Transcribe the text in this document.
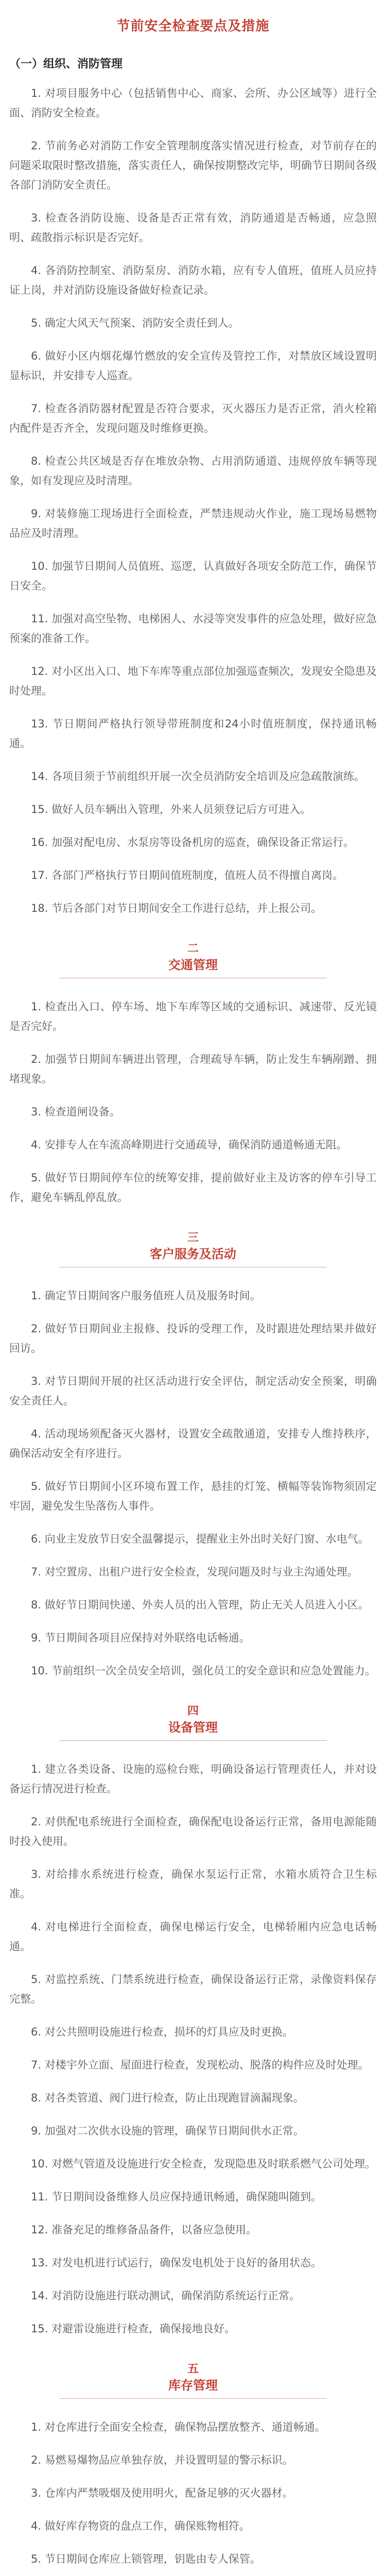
节前安全检查要点及措施
（一）组织、消防管理

1. 对项目服务中心（包括销售中心、商家、会所、办公区域等）进行全面、消防安全检查。

2. 节前务必对消防工作安全管理制度落实情况进行检查，对节前存在的问题采取限时整改措施，落实责任人，确保按期整改完毕，明确节日期间各级各部门消防安全责任。

3. 检查各消防设施、设备是否正常有效，消防通道是否畅通，应急照明、疏散指示标识是否完好。

4. 各消防控制室、消防泵房、消防水箱，应有专人值班，值班人员应持证上岗，并对消防设施设备做好检查记录。

5. 确定大风天气预案、消防安全责任到人。

6. 做好小区内烟花爆竹燃放的安全宣传及管控工作，对禁放区域设置明显标识，并安排专人巡查。

7. 检查各消防器材配置是否符合要求，灭火器压力是否正常，消火栓箱内配件是否齐全，发现问题及时维修更换。

8. 检查公共区域是否存在堆放杂物、占用消防通道、违规停放车辆等现象，如有发现应及时清理。

9. 对装修施工现场进行全面检查，严禁违规动火作业，施工现场易燃物品应及时清理。

10. 加强节日期间人员值班、巡逻，认真做好各项安全防范工作，确保节日安全。

11. 加强对高空坠物、电梯困人、水浸等突发事件的应急处理，做好应急预案的准备工作。

12. 对小区出入口、地下车库等重点部位加强巡查频次，发现安全隐患及时处理。

13. 节日期间严格执行领导带班制度和24小时值班制度，保持通讯畅通。

14. 各项目须于节前组织开展一次全员消防安全培训及应急疏散演练。

15. 做好人员车辆出入管理，外来人员须登记后方可进入。

16. 加强对配电房、水泵房等设备机房的巡查，确保设备正常运行。

17. 各部门严格执行节日期间值班制度，值班人员不得擅自离岗。

18. 节后各部门对节日期间安全工作进行总结，并上报公司。

二
交通管理

1. 检查出入口、停车场、地下车库等区域的交通标识、减速带、反光镜是否完好。

2. 加强节日期间车辆进出管理，合理疏导车辆，防止发生车辆剐蹭、拥堵现象。

3. 检查道闸设备。

4. 安排专人在车流高峰期进行交通疏导，确保消防通道畅通无阻。

5. 做好节日期间停车位的统筹安排，提前做好业主及访客的停车引导工作，避免车辆乱停乱放。

三
客户服务及活动

1. 确定节日期间客户服务值班人员及服务时间。

2. 做好节日期间业主报修、投诉的受理工作，及时跟进处理结果并做好回访。

3. 对节日期间开展的社区活动进行安全评估，制定活动安全预案，明确安全责任人。

4. 活动现场须配备灭火器材，设置安全疏散通道，安排专人维持秩序，确保活动安全有序进行。

5. 做好节日期间小区环境布置工作，悬挂的灯笼、横幅等装饰物须固定牢固，避免发生坠落伤人事件。

6. 向业主发放节日安全温馨提示，提醒业主外出时关好门窗、水电气。

7. 对空置房、出租户进行安全检查，发现问题及时与业主沟通处理。

8. 做好节日期间快递、外卖人员的出入管理，防止无关人员进入小区。

9. 节日期间各项目应保持对外联络电话畅通。

10. 节前组织一次全员安全培训，强化员工的安全意识和应急处置能力。

四
设备管理

1. 建立各类设备、设施的巡检台账，明确设备运行管理责任人，并对设备运行情况进行检查。

2. 对供配电系统进行全面检查，确保配电设备运行正常，备用电源能随时投入使用。

3. 对给排水系统进行检查，确保水泵运行正常，水箱水质符合卫生标准。

4. 对电梯进行全面检查，确保电梯运行安全，电梯轿厢内应急电话畅通。

5. 对监控系统、门禁系统进行检查，确保设备运行正常，录像资料保存完整。

6. 对公共照明设施进行检查，损坏的灯具应及时更换。

7. 对楼宇外立面、屋面进行检查，发现松动、脱落的构件应及时处理。

8. 对各类管道、阀门进行检查，防止出现跑冒滴漏现象。

9. 加强对二次供水设施的管理，确保节日期间供水正常。

10. 对燃气管道及设施进行安全检查，发现隐患及时联系燃气公司处理。

11. 节日期间设备维修人员应保持通讯畅通，确保随叫随到。

12. 准备充足的维修备品备件，以备应急使用。

13. 对发电机进行试运行，确保发电机处于良好的备用状态。

14. 对消防设施进行联动测试，确保消防系统运行正常。

15. 对避雷设施进行检查，确保接地良好。

五
库存管理

1. 对仓库进行全面安全检查，确保物品摆放整齐、通道畅通。

2. 易燃易爆物品应单独存放，并设置明显的警示标识。

3. 仓库内严禁吸烟及使用明火，配备足够的灭火器材。

4. 做好库存物资的盘点工作，确保账物相符。

5. 节日期间仓库应上锁管理，钥匙由专人保管。
